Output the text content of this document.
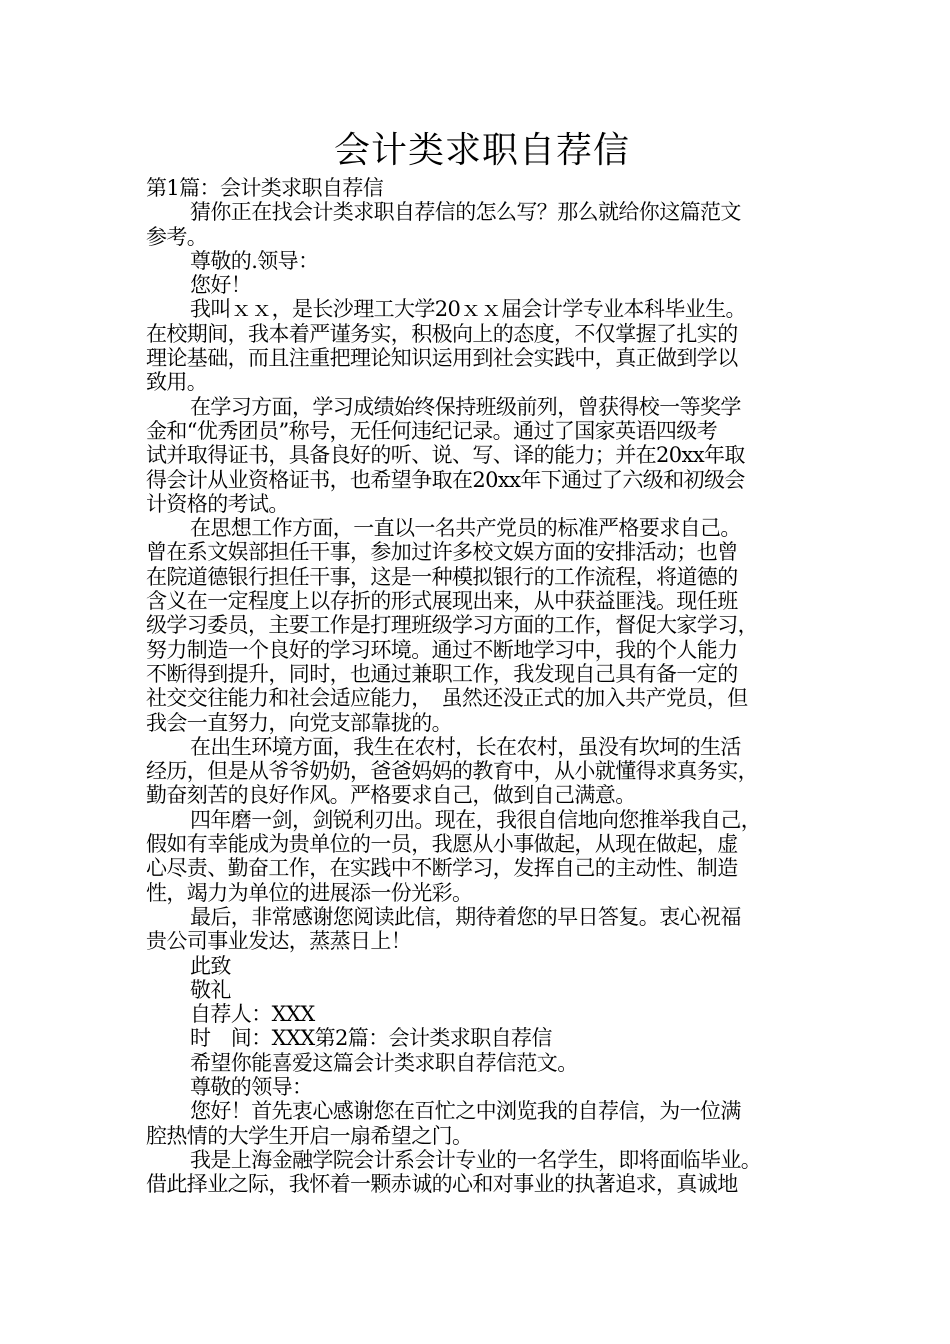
会计类求职自荐信
第1篇：会计类求职自荐信
猜你正在找会计类求职自荐信的怎么写？那么就给你这篇范文
参考。
尊敬的.领导：
您好！
我叫ｘｘ，是长沙理工大学20ｘｘ届会计学专业本科毕业生。
在校期间，我本着严谨务实，积极向上的态度，不仅掌握了扎实的
理论基础，而且注重把理论知识运用到社会实践中，真正做到学以
致用。
在学习方面，学习成绩始终保持班级前列，曾获得校一等奖学
金和“优秀团员”称号，无任何违纪记录。通过了国家英语四级考
试并取得证书，具备良好的听、说、写、译的能力；并在20xx年取
得会计从业资格证书，也希望争取在20xx年下通过了六级和初级会
计资格的考试。
在思想工作方面，一直以一名共产党员的标准严格要求自己。
曾在系文娱部担任干事，参加过许多校文娱方面的安排活动；也曾
在院道德银行担任干事，这是一种模拟银行的工作流程，将道德的
含义在一定程度上以存折的形式展现出来，从中获益匪浅。现任班
级学习委员，主要工作是打理班级学习方面的工作，督促大家学习，
努力制造一个良好的学习环境。通过不断地学习中，我的个人能力
不断得到提升，同时，也通过兼职工作，我发现自己具有备一定的
社交交往能力和社会适应能力，　虽然还没正式的加入共产党员，但
我会一直努力，向党支部靠拢的。
在出生环境方面，我生在农村，长在农村，虽没有坎坷的生活
经历，但是从爷爷奶奶，爸爸妈妈的教育中，从小就懂得求真务实，
勤奋刻苦的良好作风。严格要求自己，做到自己满意。
四年磨一剑，剑锐利刃出。现在，我很自信地向您推举我自己，
假如有幸能成为贵单位的一员，我愿从小事做起，从现在做起，虚
心尽责、勤奋工作，在实践中不断学习，发挥自己的主动性、制造
性，竭力为单位的进展添一份光彩。
最后，非常感谢您阅读此信，期待着您的早日答复。衷心祝福
贵公司事业发达，蒸蒸日上！
此致
敬礼
自荐人：XXX
时　间：XXX第2篇：会计类求职自荐信
希望你能喜爱这篇会计类求职自荐信范文。
尊敬的领导：
您好！首先衷心感谢您在百忙之中浏览我的自荐信，为一位满
腔热情的大学生开启一扇希望之门。
我是上海金融学院会计系会计专业的一名学生，即将面临毕业。
借此择业之际，我怀着一颗赤诚的心和对事业的执著追求，真诚地
